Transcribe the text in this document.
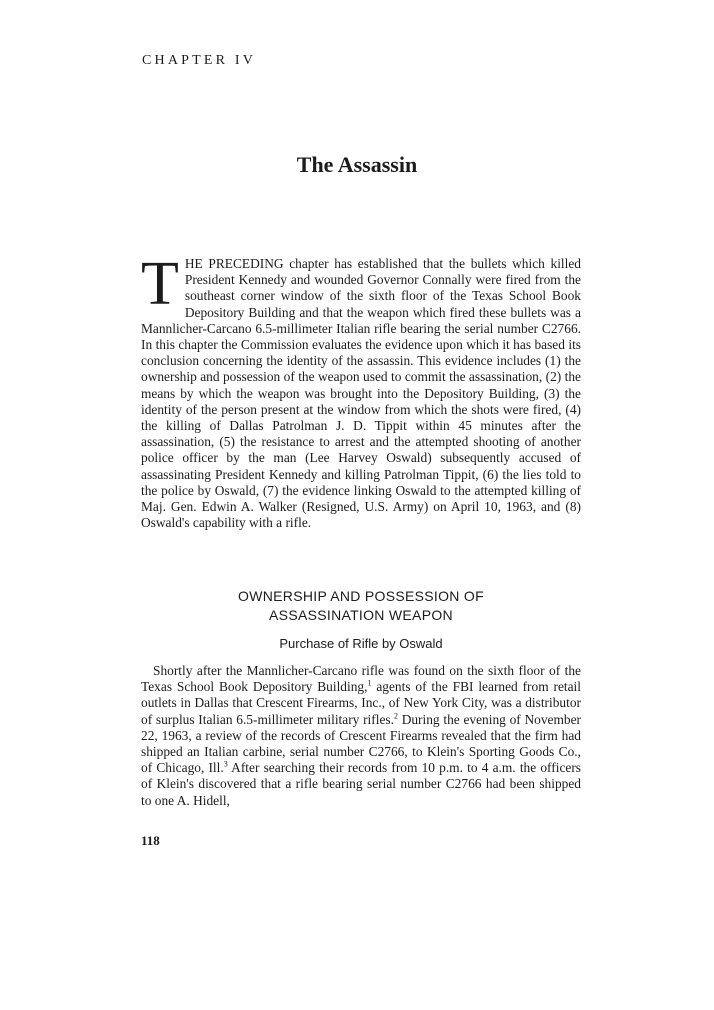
CHAPTER IV
The Assassin
THE PRECEDING chapter has established that the bullets which killed President Kennedy and wounded Governor Connally were fired from the southeast corner window of the sixth floor of the Texas School Book Depository Building and that the weapon which fired these bullets was a Mannlicher-Carcano 6.5-millimeter Italian rifle bearing the serial number C2766. In this chapter the Commission evaluates the evidence upon which it has based its conclusion concerning the identity of the assassin. This evidence includes (1) the ownership and possession of the weapon used to commit the assassination, (2) the means by which the weapon was brought into the Depository Building, (3) the identity of the person present at the window from which the shots were fired, (4) the killing of Dallas Patrolman J. D. Tippit within 45 minutes after the assassination, (5) the resistance to arrest and the attempted shooting of another police officer by the man (Lee Harvey Oswald) subsequently accused of assassinating President Kennedy and killing Patrolman Tippit, (6) the lies told to the police by Oswald, (7) the evidence linking Oswald to the attempted killing of Maj. Gen. Edwin A. Walker (Resigned, U.S. Army) on April 10, 1963, and (8) Oswald's capability with a rifle.
OWNERSHIP AND POSSESSION OF
ASSASSINATION WEAPON
Purchase of Rifle by Oswald
Shortly after the Mannlicher-Carcano rifle was found on the sixth floor of the Texas School Book Depository Building,$^1$ agents of the FBI learned from retail outlets in Dallas that Crescent Firearms, Inc., of New York City, was a distributor of surplus Italian 6.5-millimeter military rifles.$^2$ During the evening of November 22, 1963, a review of the records of Crescent Firearms revealed that the firm had shipped an Italian carbine, serial number C2766, to Klein's Sporting Goods Co., of Chicago, Ill.$^3$ After searching their records from 10 p.m. to 4 a.m. the officers of Klein's discovered that a rifle bearing serial number C2766 had been shipped to one A. Hidell,
118
